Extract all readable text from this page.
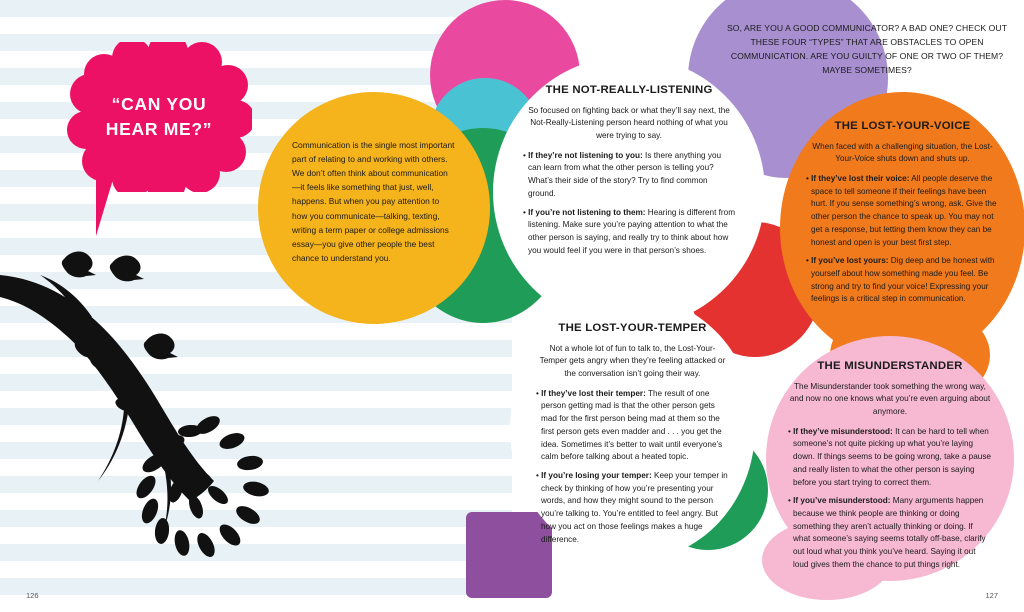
“CAN YOU
HEAR ME?”
SO, ARE YOU A GOOD COMMUNICATOR? A BAD ONE? CHECK OUT THESE FOUR “TYPES” THAT ARE OBSTACLES TO OPEN COMMUNICATION. ARE YOU GUILTY OF ONE OR TWO OF THEM? MAYBE SOMETIMES?
Communication is the single most important part of relating to and working with others. We don’t often think about communication—it feels like something that just, well, happens. But when you pay attention to how you communicate—talking, texting, writing a term paper or college admissions essay—you give other people the best chance to understand you.
THE NOT-REALLY-LISTENING

So focused on fighting back or what they’ll say next, the Not-Really-Listening person heard nothing of what you were trying to say.

• If they’re not listening to you: Is there anything you can learn from what the other person is telling you? What’s their side of the story? Try to find common ground.
• If you’re not listening to them: Hearing is different from listening. Make sure you’re paying attention to what the other person is saying, and really try to think about how you would feel if you were in that person’s shoes.
THE LOST-YOUR-VOICE

When faced with a challenging situation, the Lost-Your-Voice shuts down and shuts up.

• If they’ve lost their voice: All people deserve the space to tell someone if their feelings have been hurt. If you sense something’s wrong, ask. Give the other person the chance to speak up. You may not get a response, but letting them know they can be honest and open is your best first step.
• If you’ve lost yours: Dig deep and be honest with yourself about how something made you feel. Be strong and try to find your voice! Expressing your feelings is a critical step in communication.
THE LOST-YOUR-TEMPER

Not a whole lot of fun to talk to, the Lost-Your-Temper gets angry when they’re feeling attacked or the conversation isn’t going their way.

• If they’ve lost their temper: The result of one person getting mad is that the other person gets mad for the first person being mad at them so the first person gets even madder and . . . you get the idea. Sometimes it’s better to wait until everyone’s calm before talking about a heated topic.
• If you’re losing your temper: Keep your temper in check by thinking of how you’re presenting your words, and how they might sound to the person you’re talking to. You’re entitled to feel angry. But how you act on those feelings makes a huge difference.
THE MISUNDERSTANDER

The Misunderstander took something the wrong way, and now no one knows what you’re even arguing about anymore.

• If they’ve misunderstood: It can be hard to tell when someone’s not quite picking up what you’re laying down. If things seems to be going wrong, take a pause and really listen to what the other person is saying before you start trying to correct them.
• If you’ve misunderstood: Many arguments happen because we think people are thinking or doing something they aren’t actually thinking or doing. If what someone’s saying seems totally off-base, clarify out loud what you think you’ve heard. Saying it out loud gives them the chance to put things right.
126	127
